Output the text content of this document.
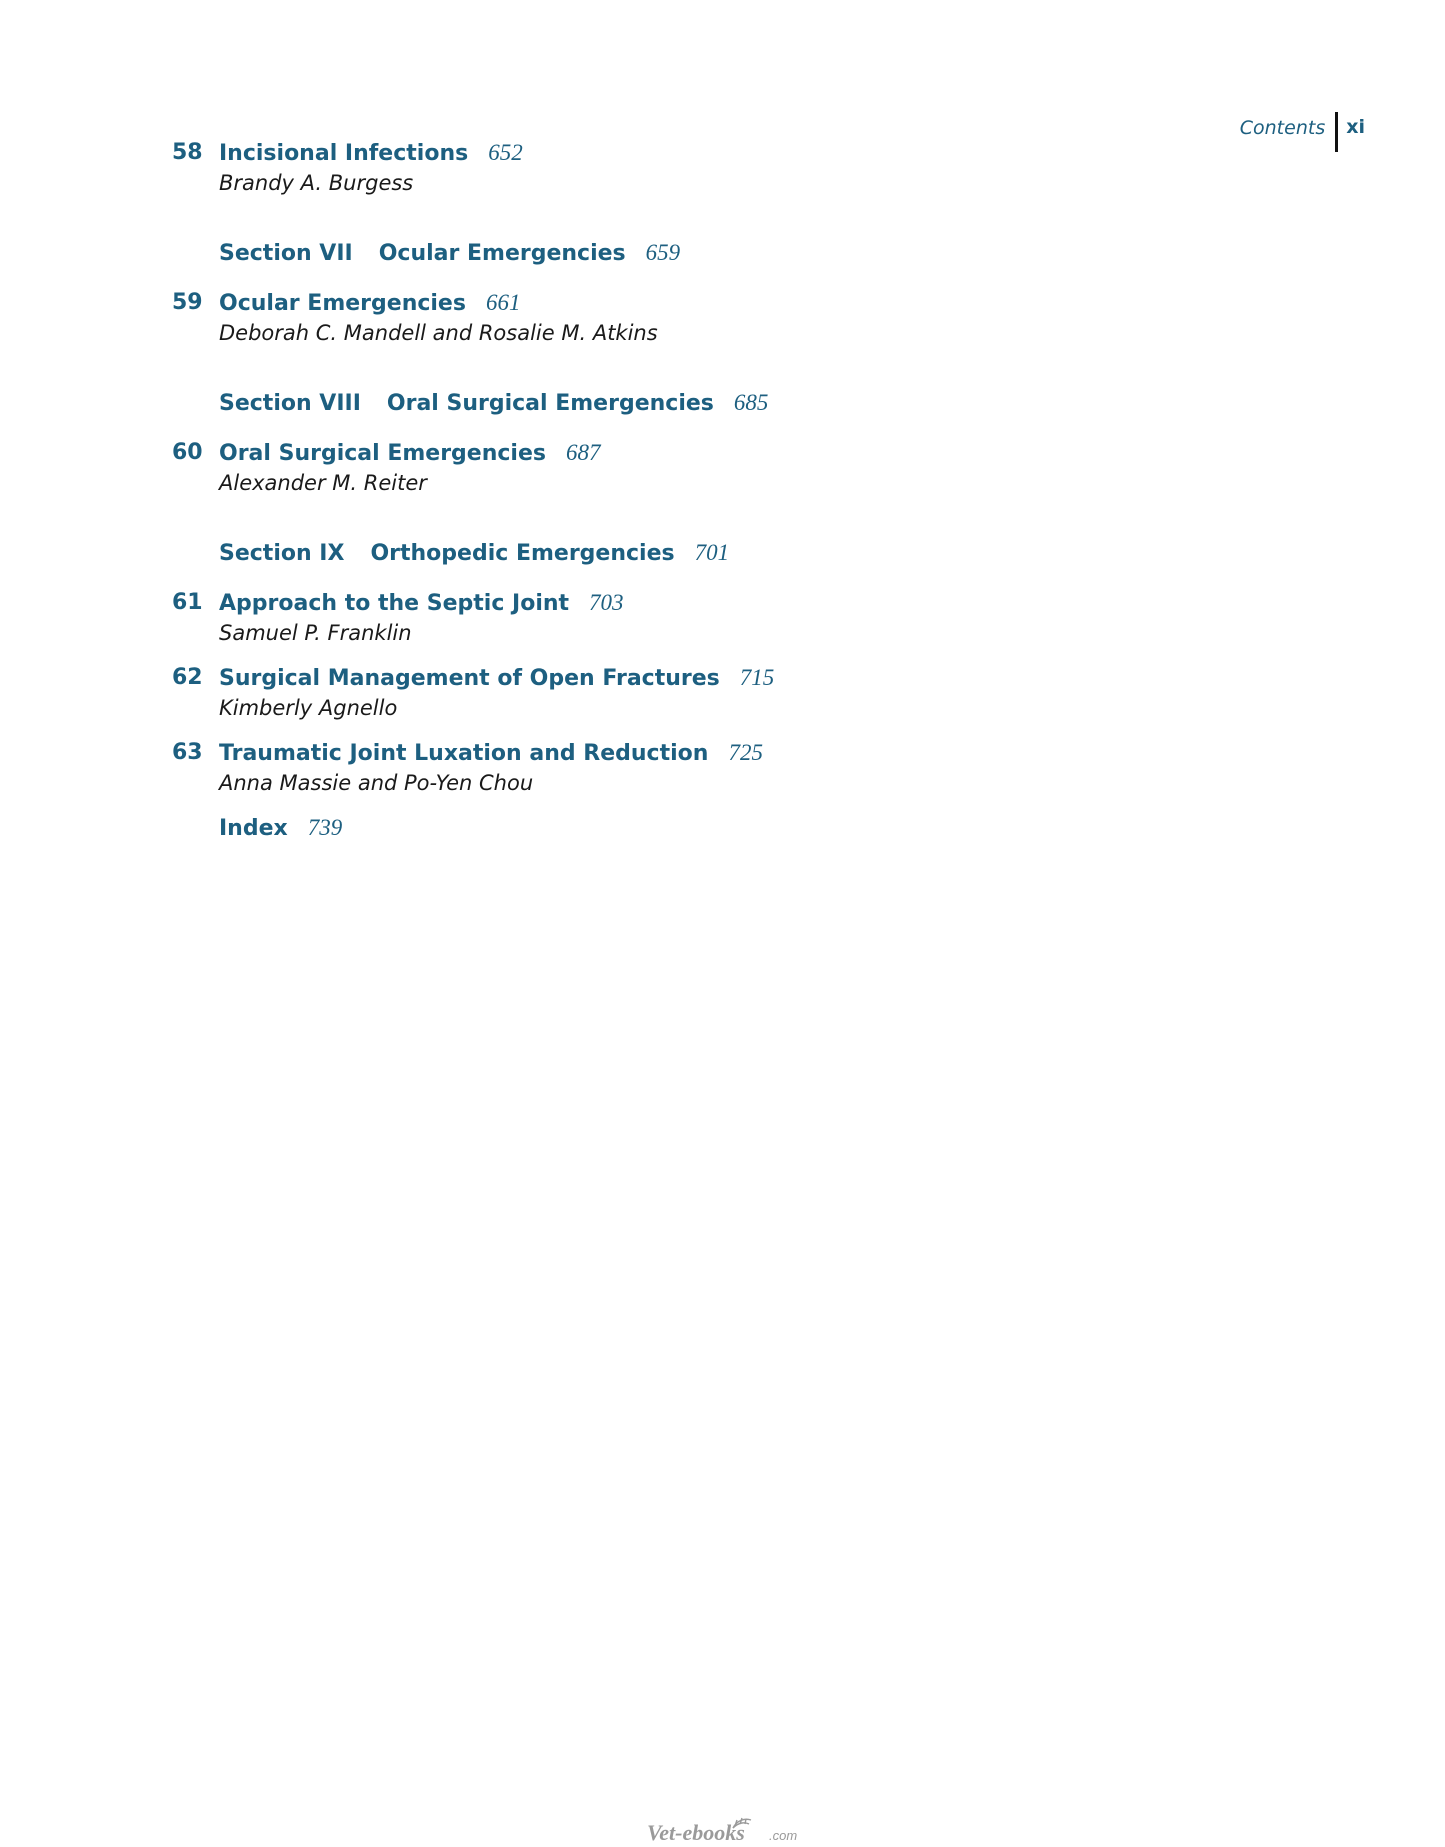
Contents	xi
58 Incisional Infections 652
Brandy A. Burgess
Section VII Ocular Emergencies 659
59 Ocular Emergencies 661
Deborah C. Mandell and Rosalie M. Atkins
Section VIII Oral Surgical Emergencies 685
60 Oral Surgical Emergencies 687
Alexander M. Reiter
Section IX Orthopedic Emergencies 701
61 Approach to the Septic Joint 703
Samuel P. Franklin
62 Surgical Management of Open Fractures 715
Kimberly Agnello
63 Traumatic Joint Luxation and Reduction 725
Anna Massie and Po-Yen Chou
Index 739
Vet-ebooks .com
